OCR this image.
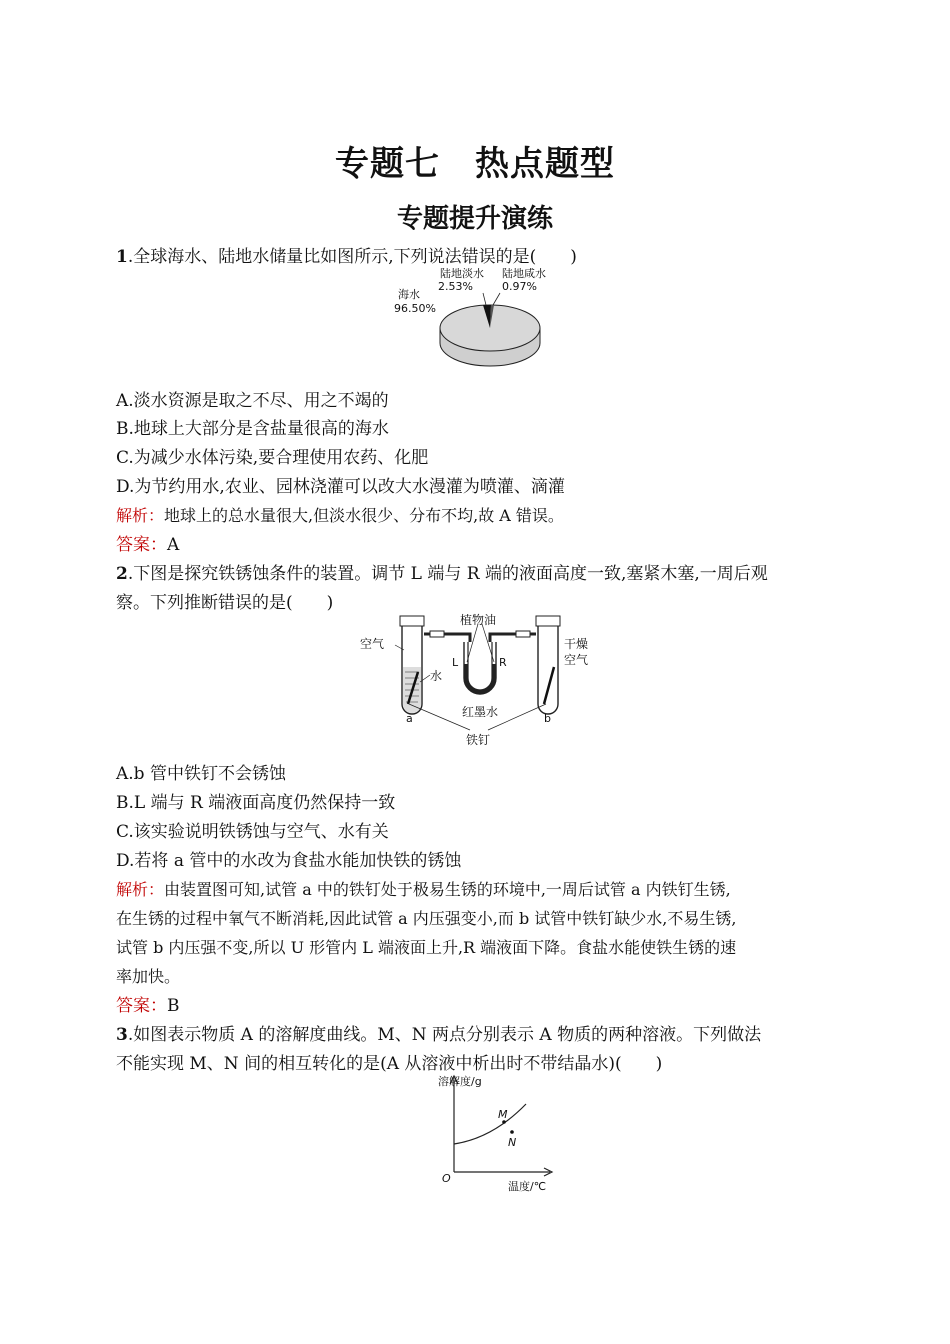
专题七　热点题型
专题提升演练
1.全球海水、陆地水储量比如图所示,下列说法错误的是(　　)
陆地淡水
2.53%
陆地咸水
0.97%
海水
96.50%
A.淡水资源是取之不尽、用之不竭的
B.地球上大部分是含盐量很高的海水
C.为减少水体污染,要合理使用农药、化肥
D.为节约用水,农业、园林浇灌可以改大水漫灌为喷灌、滴灌
解析：地球上的总水量很大,但淡水很少、分布不均,故 A 错误。
答案：A
2.下图是探究铁锈蚀条件的装置。调节 L 端与 R 端的液面高度一致,塞紧木塞,一周后观
察。下列推断错误的是(　　)
空气
植物油
干燥
空气
水
L	R
红墨水
a	b
铁钉
A.b 管中铁钉不会锈蚀
B.L 端与 R 端液面高度仍然保持一致
C.该实验说明铁锈蚀与空气、水有关
D.若将 a 管中的水改为食盐水能加快铁的锈蚀
解析：由装置图可知,试管 a 中的铁钉处于极易生锈的环境中,一周后试管 a 内铁钉生锈,
在生锈的过程中氧气不断消耗,因此试管 a 内压强变小,而 b 试管中铁钉缺少水,不易生锈,
试管 b 内压强不变,所以 U 形管内 L 端液面上升,R 端液面下降。食盐水能使铁生锈的速
率加快。
答案：B
3.如图表示物质 A 的溶解度曲线。M、N 两点分别表示 A 物质的两种溶液。下列做法
不能实现 M、N 间的相互转化的是(A 从溶液中析出时不带结晶水)(　　)
M
N
溶解度/g
温度/℃
O
